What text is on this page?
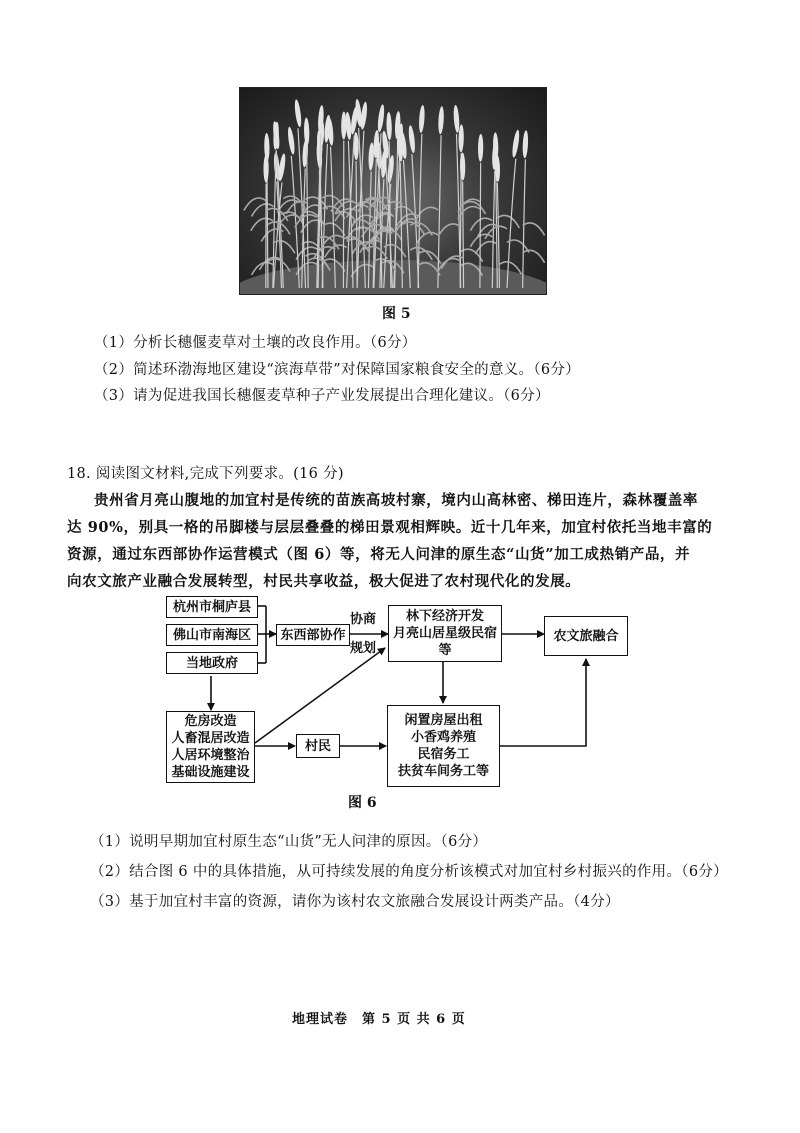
图 5
（1）分析长穗偃麦草对土壤的改良作用。（6分）
（2）简述环渤海地区建设“滨海草带”对保障国家粮食安全的意义。（6分）
（3）请为促进我国长穗偃麦草种子产业发展提出合理化建议。（6分）
18. 阅读图文材料,完成下列要求。(16 分)
贵州省月亮山腹地的加宜村是传统的苗族高坡村寨，境内山高林密、梯田连片，森林覆盖率
达 90%，别具一格的吊脚楼与层层叠叠的梯田景观相辉映。近十几年来，加宜村依托当地丰富的
资源，通过东西部协作运营模式（图 6）等，将无人问津的原生态“山货”加工成热销产品，并
向农文旅产业融合发展转型，村民共享收益，极大促进了农村现代化的发展。
杭州市桐庐县
佛山市南海区
当地政府
东西部协作
协商
规划
林下经济开发
月亮山居星级民宿
等
农文旅融合
危房改造
人畜混居改造
人居环境整治
基础设施建设
村民
闲置房屋出租
小香鸡养殖
民宿务工
扶贫车间务工等
图 6
（1）说明早期加宜村原生态“山货”无人问津的原因。（6分）
（2）结合图 6 中的具体措施，从可持续发展的角度分析该模式对加宜村乡村振兴的作用。（6分）
（3）基于加宜村丰富的资源，请你为该村农文旅融合发展设计两类产品。（4分）
地理试卷　第 5 页 共 6 页
